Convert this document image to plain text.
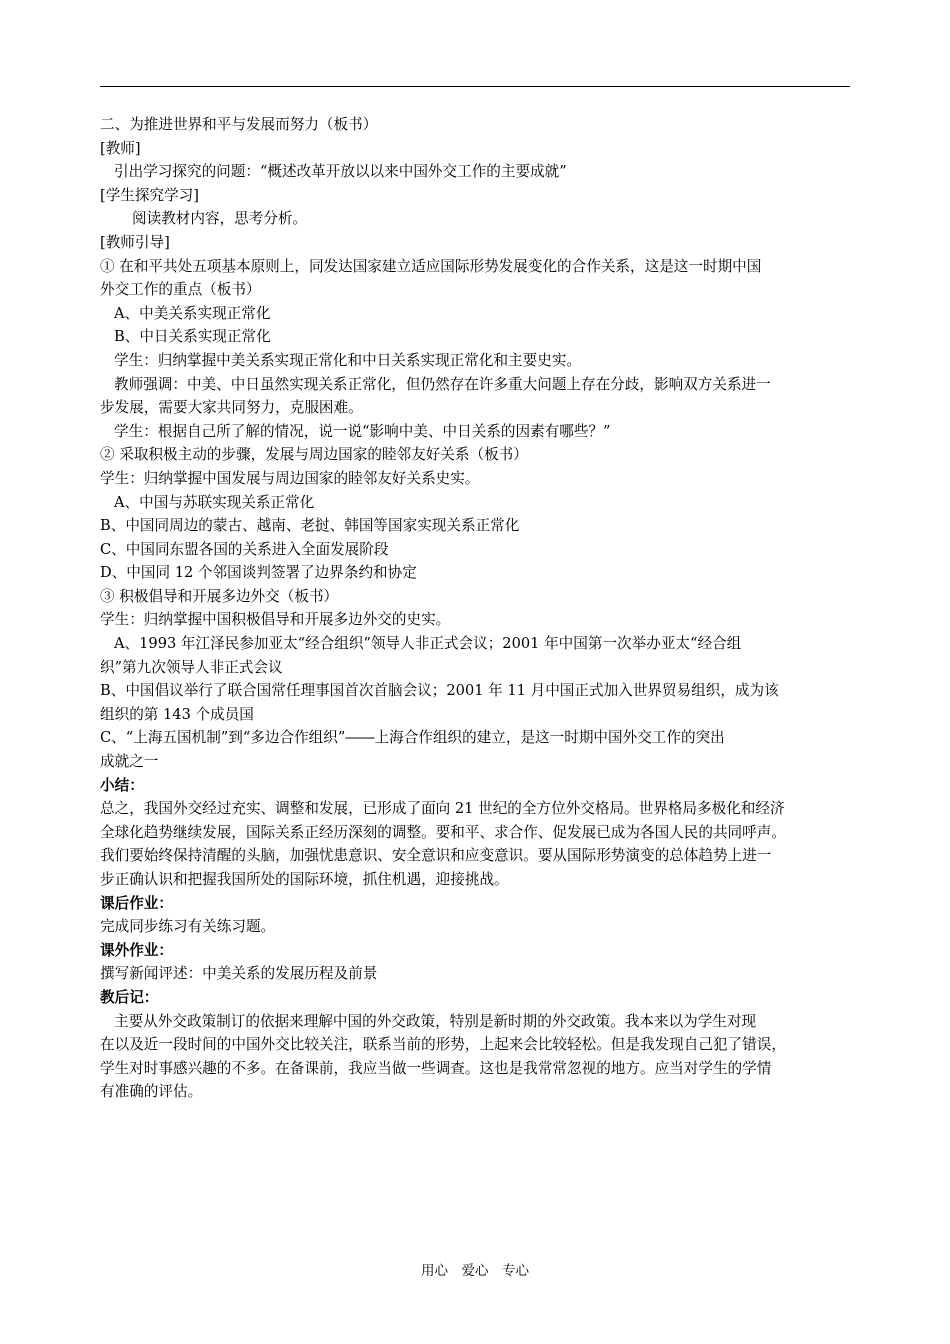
二、为推进世界和平与发展而努力（板书）

[教师]

引出学习探究的问题：“概述改革开放以以来中国外交工作的主要成就”

[学生探究学习]

阅读教材内容，思考分析。

[教师引导]

① 在和平共处五项基本原则上，同发达国家建立适应国际形势发展变化的合作关系，这是这一时期中国

外交工作的重点（板书）

A、中美关系实现正常化

B、中日关系实现正常化

学生：归纳掌握中美关系实现正常化和中日关系实现正常化和主要史实。

教师强调：中美、中日虽然实现关系正常化，但仍然存在许多重大问题上存在分歧，影响双方关系进一

步发展，需要大家共同努力，克服困难。

学生：根据自己所了解的情况，说一说“影响中美、中日关系的因素有哪些？”

② 采取积极主动的步骤，发展与周边国家的睦邻友好关系（板书）

学生：归纳掌握中国发展与周边国家的睦邻友好关系史实。

A、中国与苏联实现关系正常化

B、中国同周边的蒙古、越南、老挝、韩国等国家实现关系正常化

C、中国同东盟各国的关系进入全面发展阶段

D、中国同 12 个邻国谈判签署了边界条约和协定

③ 积极倡导和开展多边外交（板书）

学生：归纳掌握中国积极倡导和开展多边外交的史实。

A、1993 年江泽民参加亚太“经合组织”领导人非正式会议；2001 年中国第一次举办亚太“经合组

织”第九次领导人非正式会议

B、中国倡议举行了联合国常任理事国首次首脑会议；2001 年 11 月中国正式加入世界贸易组织，成为该

组织的第 143 个成员国

C、“上海五国机制”到“多边合作组织”――上海合作组织的建立，是这一时期中国外交工作的突出

成就之一

小结：

总之，我国外交经过充实、调整和发展，已形成了面向 21 世纪的全方位外交格局。世界格局多极化和经济

全球化趋势继续发展，国际关系正经历深刻的调整。要和平、求合作、促发展已成为各国人民的共同呼声。

我们要始终保持清醒的头脑，加强忧患意识、安全意识和应变意识。要从国际形势演变的总体趋势上进一

步正确认识和把握我国所处的国际环境，抓住机遇，迎接挑战。

课后作业：

完成同步练习有关练习题。

课外作业：

撰写新闻评述：中美关系的发展历程及前景

教后记：

主要从外交政策制订的依据来理解中国的外交政策，特别是新时期的外交政策。我本来以为学生对现

在以及近一段时间的中国外交比较关注，联系当前的形势，上起来会比较轻松。但是我发现自己犯了错误，

学生对时事感兴趣的不多。在备课前，我应当做一些调查。这也是我常常忽视的地方。应当对学生的学情

有准确的评估。

用心　爱心　专心
